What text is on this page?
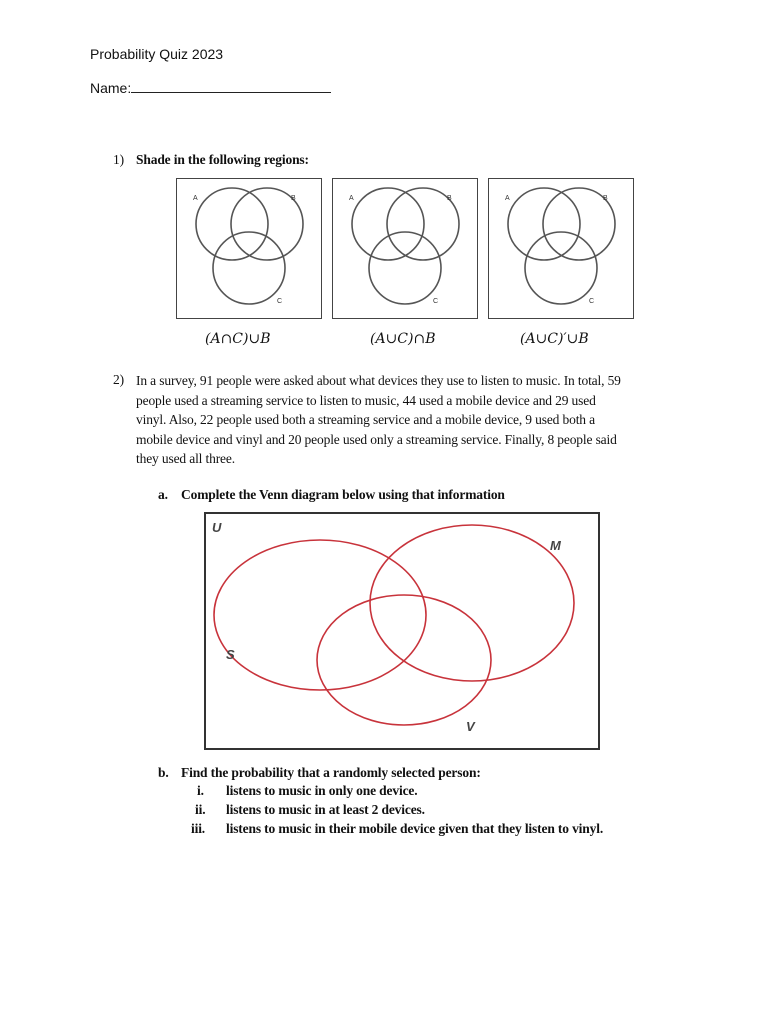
Probability Quiz 2023
Name:
1) Shade in the following regions:
A	B
C
A	B
C
A	B
C
(A∩C)∪B	(A∪C)∩B	(A∪C)′∪B
2) In a survey, 91 people were asked about what devices they use to listen to music. In total, 59
people used a streaming service to listen to music, 44 used a mobile device and 29 used
vinyl. Also, 22 people used both a streaming service and a mobile device, 9 used both a
mobile device and vinyl and 20 people used only a streaming service. Finally, 8 people said
they used all three.
a. Complete the Venn diagram below using that information
U
M
S
V
b. Find the probability that a randomly selected person:
i. listens to music in only one device.
ii. listens to music in at least 2 devices.
iii. listens to music in their mobile device given that they listen to vinyl.
